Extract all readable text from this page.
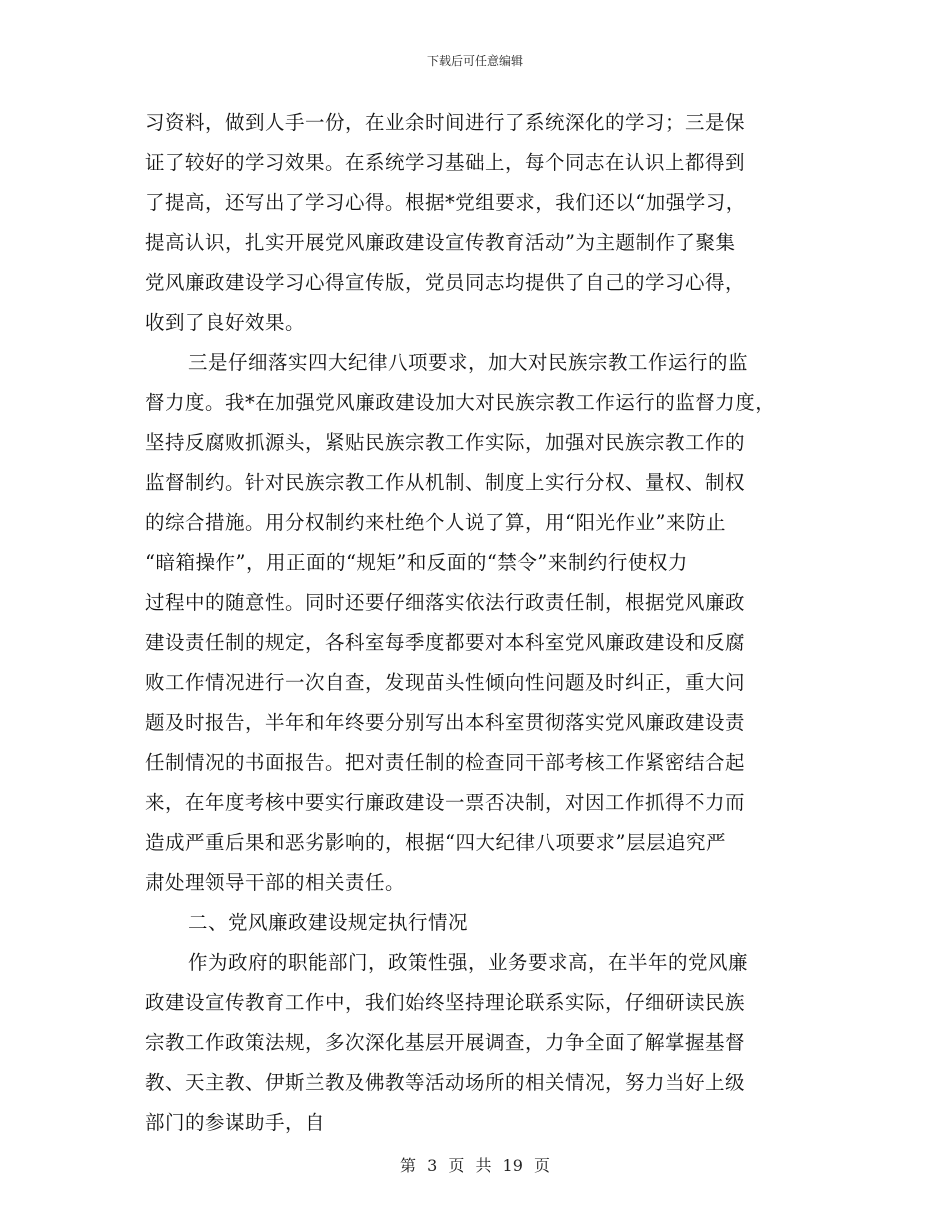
下载后可任意编辑
习资料，做到人手一份，在业余时间进行了系统深化的学习；三是保
证了较好的学习效果。在系统学习基础上，每个同志在认识上都得到
了提高，还写出了学习心得。根据*党组要求，我们还以“加强学习，
提高认识，扎实开展党风廉政建设宣传教育活动”为主题制作了聚集
党风廉政建设学习心得宣传版，党员同志均提供了自己的学习心得，
收到了良好效果。
三是仔细落实四大纪律八项要求，加大对民族宗教工作运行的监
督力度。我*在加强党风廉政建设加大对民族宗教工作运行的监督力度，
坚持反腐败抓源头，紧贴民族宗教工作实际，加强对民族宗教工作的
监督制约。针对民族宗教工作从机制、制度上实行分权、量权、制权
的综合措施。用分权制约来杜绝个人说了算，用“阳光作业”来防止
“暗箱操作”，用正面的“规矩”和反面的“禁令”来制约行使权力
过程中的随意性。同时还要仔细落实依法行政责任制，根据党风廉政
建设责任制的规定，各科室每季度都要对本科室党风廉政建设和反腐
败工作情况进行一次自查，发现苗头性倾向性问题及时纠正，重大问
题及时报告，半年和年终要分别写出本科室贯彻落实党风廉政建设责
任制情况的书面报告。把对责任制的检查同干部考核工作紧密结合起
来，在年度考核中要实行廉政建设一票否决制，对因工作抓得不力而
造成严重后果和恶劣影响的，根据“四大纪律八项要求”层层追究严
肃处理领导干部的相关责任。
二、党风廉政建设规定执行情况
作为政府的职能部门，政策性强，业务要求高，在半年的党风廉
政建设宣传教育工作中，我们始终坚持理论联系实际，仔细研读民族
宗教工作政策法规，多次深化基层开展调查，力争全面了解掌握基督
教、天主教、伊斯兰教及佛教等活动场所的相关情况，努力当好上级
部门的参谋助手，自
第 3 页 共 19 页
